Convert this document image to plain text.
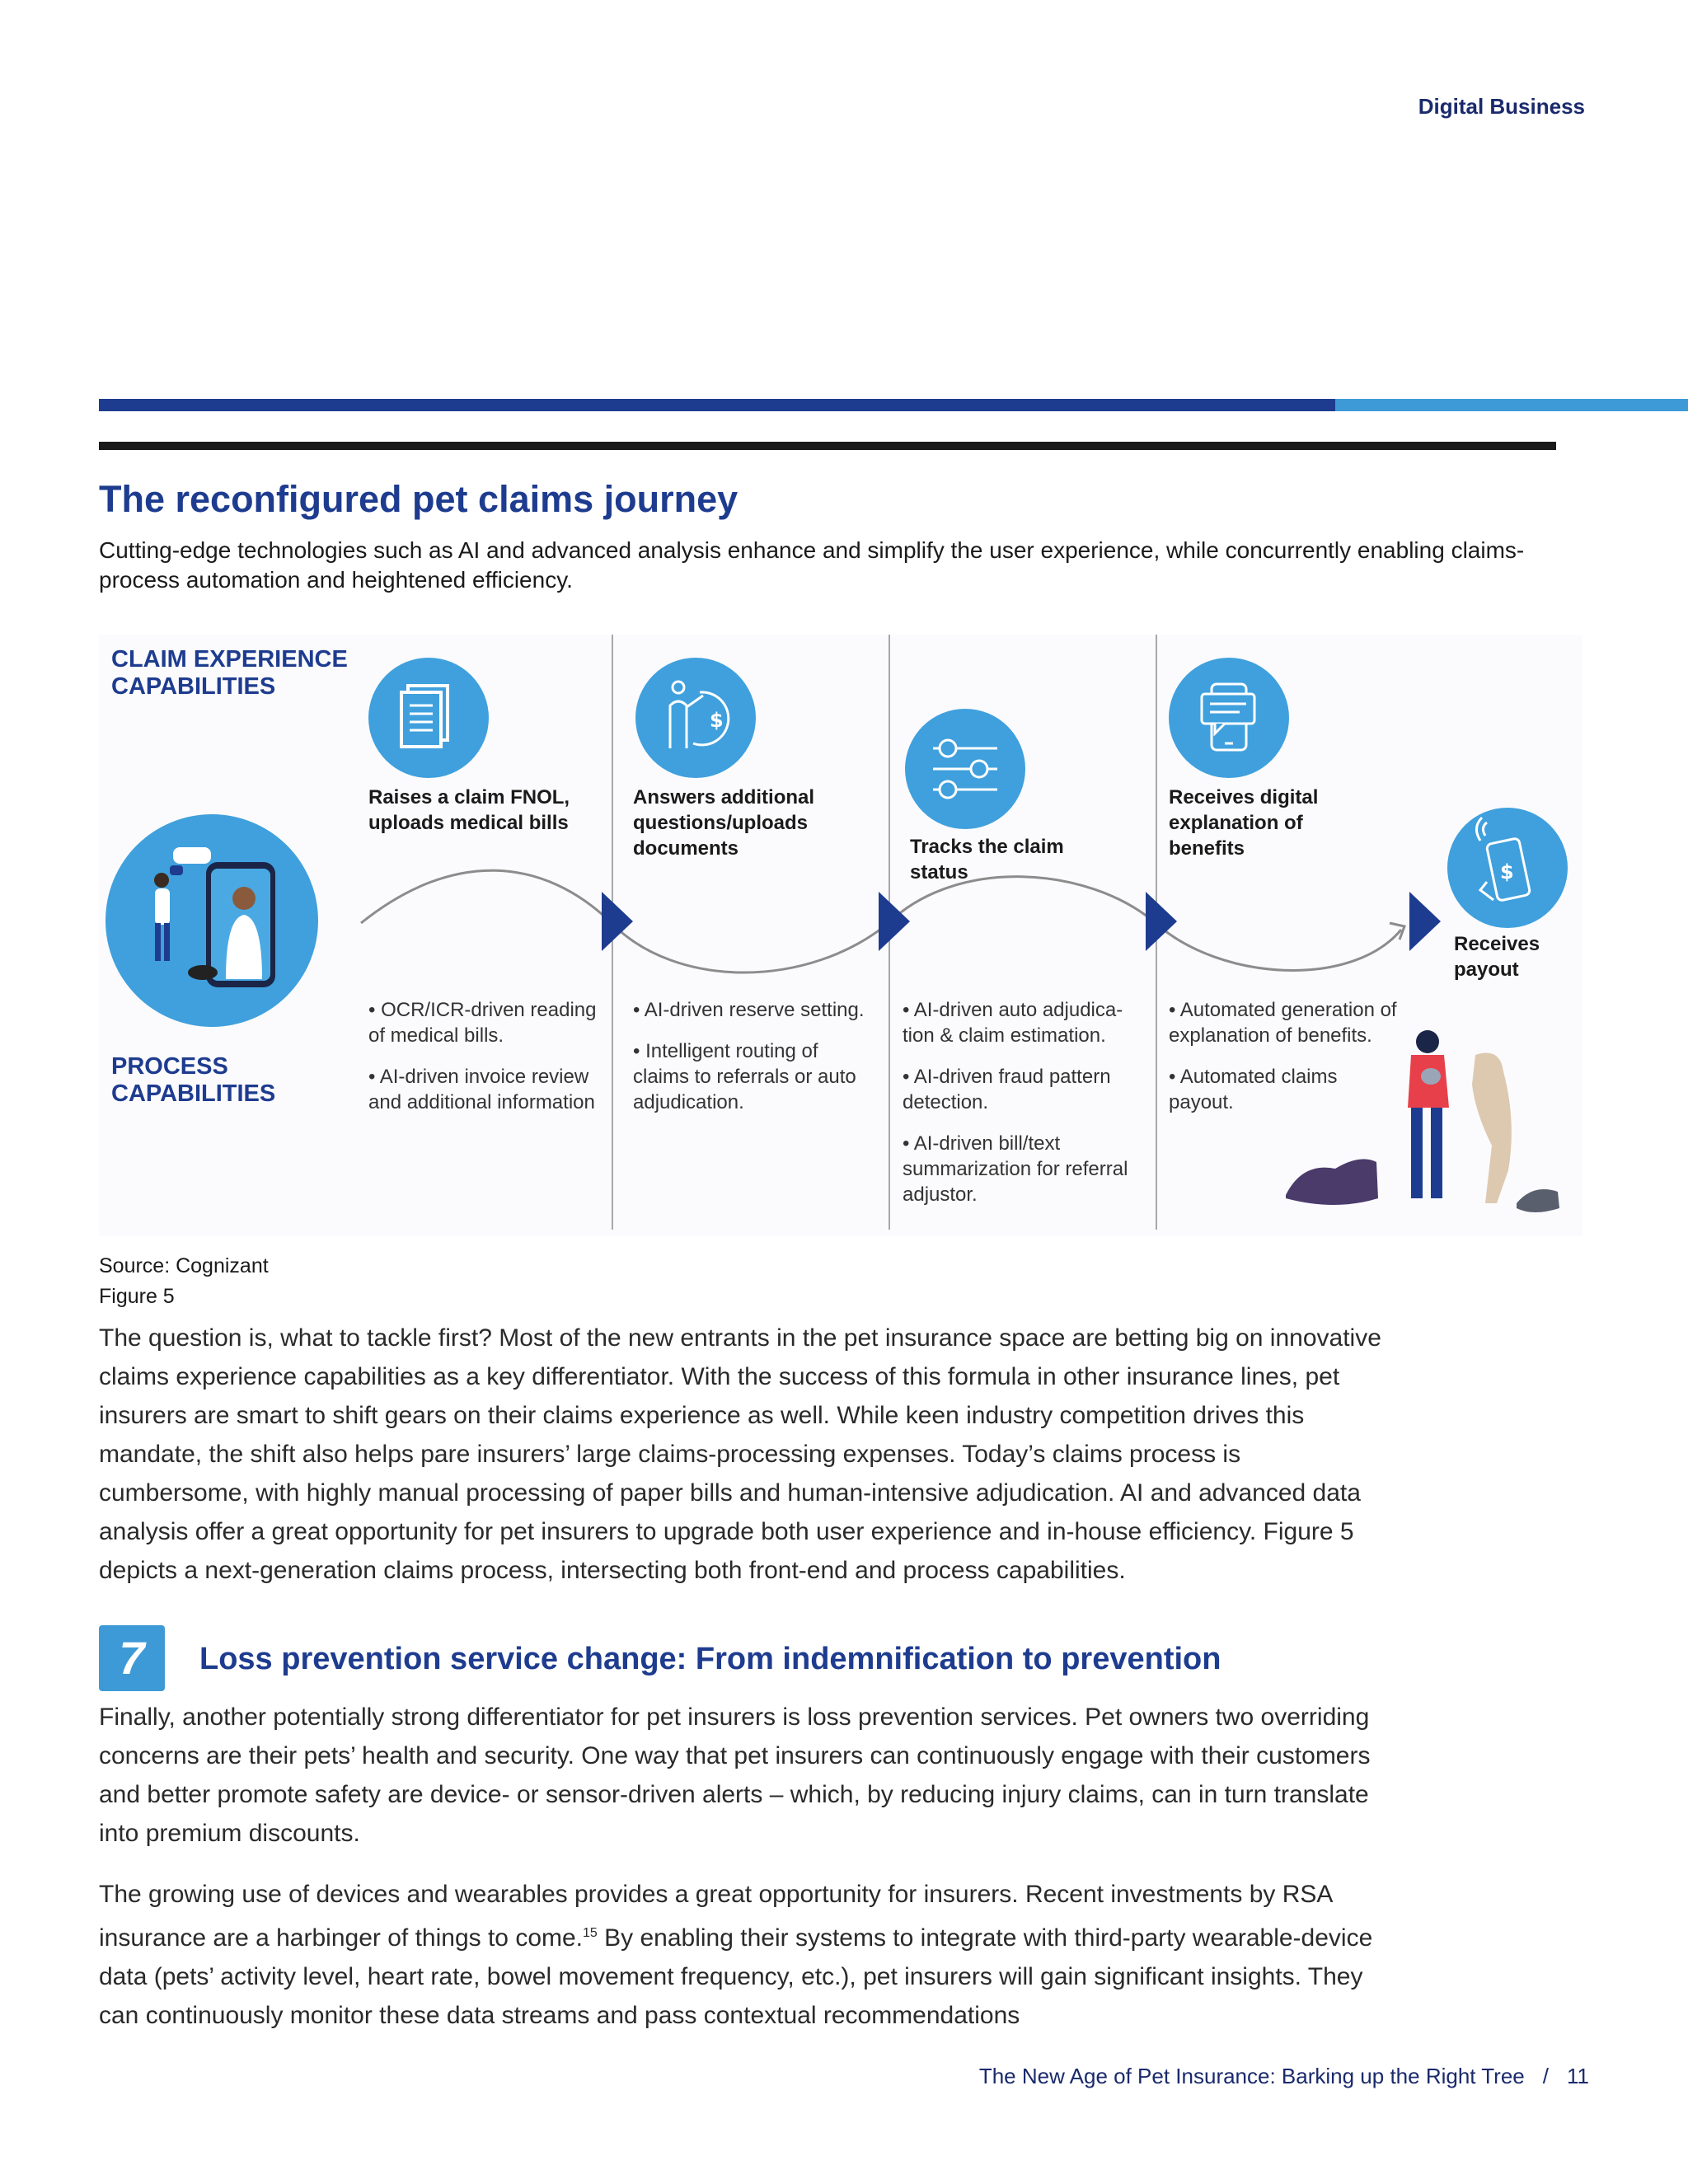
Digital Business
The reconfigured pet claims journey
Cutting-edge technologies such as AI and advanced analysis enhance and simplify the user experience, while concurrently enabling claims-process automation and heightened efficiency.
CLAIM EXPERIENCE CAPABILITIES
PROCESS CAPABILITIES
$
$
Raises a claim FNOL, uploads medical bills
Answers additional questions/uploads documents	Tracks the claim status
Receives digital explanation of benefits
Receives payout

• OCR/ICR-driven reading of medical bills.

• AI-driven invoice review and additional information

• AI-driven reserve setting.

• Intelligent routing of claims to referrals or auto adjudication.

• AI-driven auto adjudica-tion & claim estimation.

• AI-driven fraud pattern detection.

• AI-driven bill/text summarization for referral adjustor.

• Automated generation of explanation of benefits.

• Automated claims payout.

Source: Cognizant
Figure 5

The question is, what to tackle first? Most of the new entrants in the pet insurance space are betting big on innovative claims experience capabilities as a key differentiator. With the success of this formula in other insurance lines, pet insurers are smart to shift gears on their claims experience as well. While keen industry competition drives this mandate, the shift also helps pare insurers’ large claims-processing expenses. Today’s claims process is cumbersome, with highly manual processing of paper bills and human-intensive adjudication. AI and advanced data analysis offer a great opportunity for pet insurers to upgrade both user experience and in-house efficiency. Figure 5 depicts a next-generation claims process, intersecting both front-end and process capabilities.

7	Loss prevention service change: From indemnification to prevention

Finally, another potentially strong differentiator for pet insurers is loss prevention services. Pet owners two overriding concerns are their pets’ health and security. One way that pet insurers can continuously engage with their customers and better promote safety are device- or sensor-driven alerts – which, by reducing injury claims, can in turn translate into premium discounts.

The growing use of devices and wearables provides a great opportunity for insurers. Recent investments by RSA insurance are a harbinger of things to come.$^{15}$ By enabling their systems to integrate with third-party wearable-device data (pets’ activity level, heart rate, bowel movement frequency, etc.), pet insurers will gain significant insights. They can continuously monitor these data streams and pass contextual recommendations

The New Age of Pet Insurance: Barking up the Right Tree / 11
